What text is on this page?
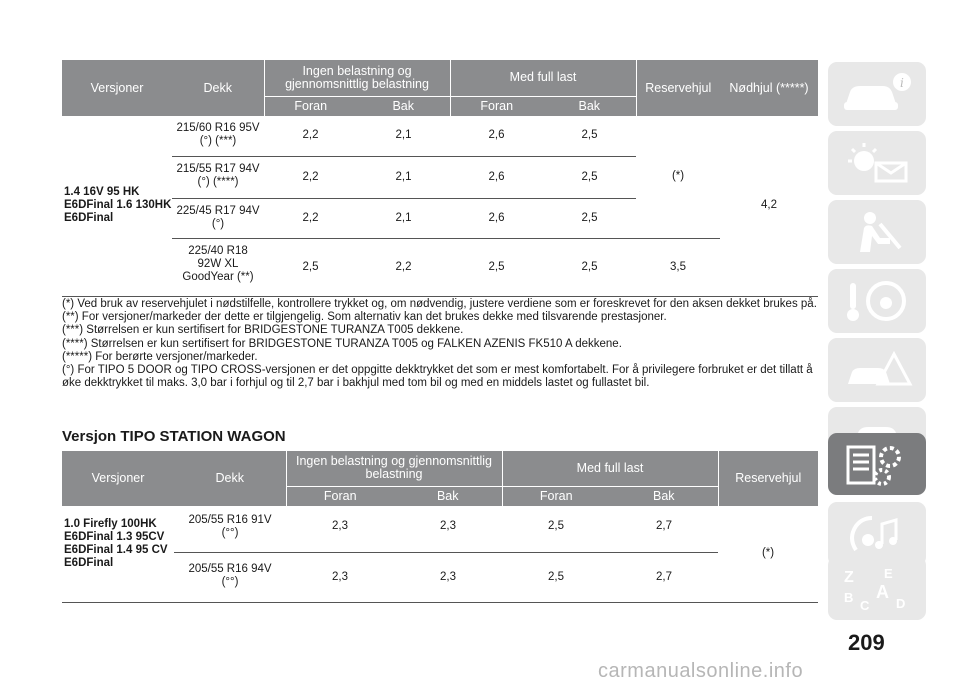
Versjoner	Dekk	Ingen belastning og gjennomsnittlig belastning		Med full last		Reservehjul	Nødhjul (*****)
		Foran	Bak	Foran	Bak		
1.4 16V 95 HK E6DFinal 1.6 130HK E6DFinal	215/60 R16 95V (°) (***)	2,2	2,1	2,6	2,5	(*)	4,2
	215/55 R17 94V (°) (****)	2,2	2,1	2,6	2,5		
	225/45 R17 94V (°)	2,2	2,1	2,6	2,5		
	225/40 R18 92W XL GoodYear (**)	2,5	2,2	2,5	2,5	3,5	

(*) Ved bruk av reservehjulet i nødstilfelle, kontrollere trykket og, om nødvendig, justere verdiene som er foreskrevet for den aksen dekket brukes på.

(**) For versjoner/markeder der dette er tilgjengelig. Som alternativ kan det brukes dekke med tilsvarende prestasjoner.

(***) Størrelsen er kun sertifisert for BRIDGESTONE TURANZA T005 dekkene.

(****) Størrelsen er kun sertifisert for BRIDGESTONE TURANZA T005 og FALKEN AZENIS FK510 A dekkene.

(*****) For berørte versjoner/markeder.

(°) For TIPO 5 DOOR og TIPO CROSS-versjonen er det oppgitte dekktrykket det som er mest komfortabelt. For å privilegere forbruket er det tillatt å øke dekktrykket til maks. 3,0 bar i forhjul og til 2,7 bar i bakhjul med tom bil og med en middels lastet og fullastet bil.

Versjon TIPO STATION WAGON
Versjoner	Dekk	Ingen belastning og gjennomsnittlig belastning		Med full last		Reservehjul
		Foran	Bak	Foran	Bak	
1.0 Firefly 100HK E6DFinal 1.3 95CV E6DFinal 1.4 95 CV E6DFinal	205/55 R16 91V (°°)	2,3	2,3	2,5	2,7	(*)
	205/55 R16 94V (°°)	2,3	2,3	2,5	2,7	
i
Z E
A
B
C D
209
carmanualsonline.info
